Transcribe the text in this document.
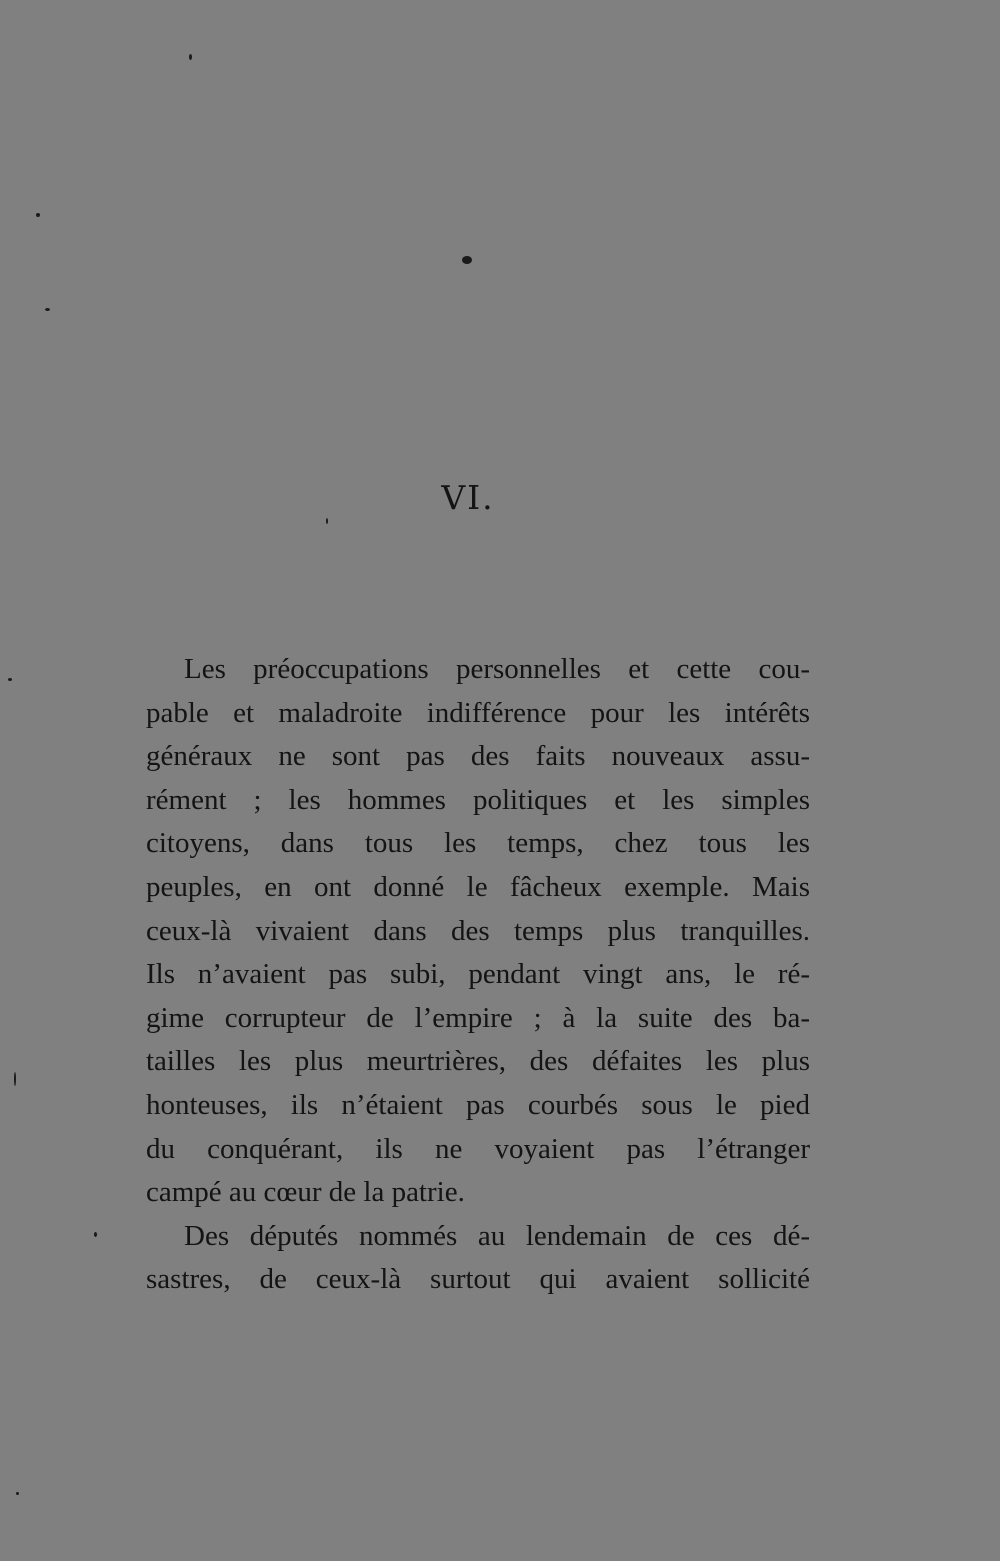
VI.
Les préoccupations personnelles et cette cou-
pable et maladroite indifférence pour les intérêts
généraux ne sont pas des faits nouveaux assu-
rément ; les hommes politiques et les simples
citoyens, dans tous les temps, chez tous les
peuples, en ont donné le fâcheux exemple. Mais
ceux-là vivaient dans des temps plus tranquilles.
Ils n’avaient pas subi, pendant vingt ans, le ré-
gime corrupteur de l’empire ; à la suite des ba-
tailles les plus meurtrières, des défaites les plus
honteuses, ils n’étaient pas courbés sous le pied
du conquérant, ils ne voyaient pas l’étranger
campé au cœur de la patrie.
Des députés nommés au lendemain de ces dé-
sastres, de ceux-là surtout qui avaient sollicité
